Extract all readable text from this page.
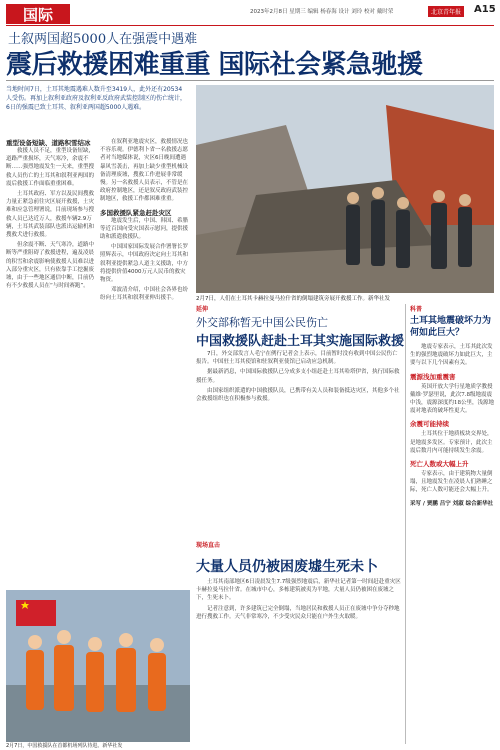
国际	2023年2月8日 星期三 编辑 杨春海 设计 刘玲 校对 戴时荣	北京青年报	A15
土叙两国超5000人在强震中遇难
震后救援困难重重 国际社会紧急驰援
当地时间7日，土耳其地震遇难人数升至3419人，此外还有20534人受伤。再加上叙利亚政府及叙利亚反政府武装控制区的伤亡统计，6日的强震已致土耳其、叙利亚两国超5000人遇难。
重型设备短缺、道路积雪结冰

救援人员不足，重型设备短缺，道路严重损坏，天气寒冷，余震不断……强烈地震发生一天来，重型搜救人员伤亡的土耳其和叙利亚两国的震后救援工作面临重重困难。

土耳其政府、军方以及民间搜救力量正紧急前往灾区展开救援，土灾难和应急管理署说，目前现场参与搜救人员已达近万人，救援车辆2.9万辆，土耳其武装部队也派出运输机和搜救犬进行救援。

但余震不断、天气寒冷，道路中断等严重阻碍了救援进程，遍及凌晨的积雪和余震影响使救援人员难以进入部分重灾区，只有依靠手工挖掘废墟，由于一些地区通信中断，目前仍有不少救援人员在“与时间赛跑”。

在叙利亚地震灾区，救援情况也不容乐观。伊德利卜省一名救援志愿者对当地媒体说，灾区6日晚间遭遇暴风雪袭击，再加上缺少重型机械设备清理废墟，搜救工作进展非常缓慢。另一名救援人员表示，不管是在政府控制地区，还是叙反政府武装控制地区，救援工作都困难重重。

多国救援队紧急赶赴灾区

地震发生后，中国、韩国、希腊等近百国向受灾国表示慰问，提供援助和派遣救援队。

中国国家国际发展合作署署长罗照辉表示，中国政府决定向土耳其和叙利亚提供紧急人道主义援助，中方将提供价值4000万元人民币的救灾物资。

邓波清介绍，中国社会各界也纷纷向土耳其和叙利亚伸出援手。

2月7日，中国救援队在首都机场列队待进。新华社发
2月7日，人们在土耳其卡赫拉曼马拉什省的倒塌建筑旁展开救援工作。新华社发
延伸
外交部称暂无中国公民伤亡
中国救援队赶赴土耳其实施国际救援

7日，外交部发言人毛宁在例行记者会上表示，目前暂时没有收到中国公民伤亡报告。中国驻土耳其使馆和驻叙利亚使馆已启动应急机制。

据最新消息，中国国际救援队已分成多支小组赶赴土耳其哈塔伊省，执行国际救援任务。

由国家组织派遣的中国救援队员，已携带有关人员和装备抵达灾区，其他多个社会救援组织也在积极参与救援。

现场直击
大量人员仍被困废墟生死未卜

土耳其南部地区6日凌晨发生7.7级强烈地震后，新华社记者第一时间赶赴重灾区卡赫拉曼马拉什省。在城市中心，多栋建筑被夷为平地，大量人员仍被困在废墟之下，生死未卜。

记者注意到，许多建筑已完全倒塌，当地居民和救援人员正在废墟中争分夺秒地进行搜救工作。天气非常寒冷，不少受灾民众只能在户外生火取暖。

科普
土耳其地震破坏力为何如此巨大？

地震专家表示，土耳其此次发生的强烈地震破坏力如此巨大，主要与以下几个因素有关。

震源浅加重震害

英国开放大学行星地质学教授戴维·罗瑟里说，此次7.8级地震震中浅，震源深度约18公里，浅源地震对地表的破坏性更大。

余震可能持续

土耳其位于地质板块交界处，是地震多发区。专家预计，此次主震后数月内可能持续发生余震。

死亡人数或大幅上升

专家表示，由于建筑物大量倒塌，且地震发生在凌晨人们熟睡之际，死亡人数可能还会大幅上升。

采写 / 贾鹏 吕宁 刘淑 综合新华社
